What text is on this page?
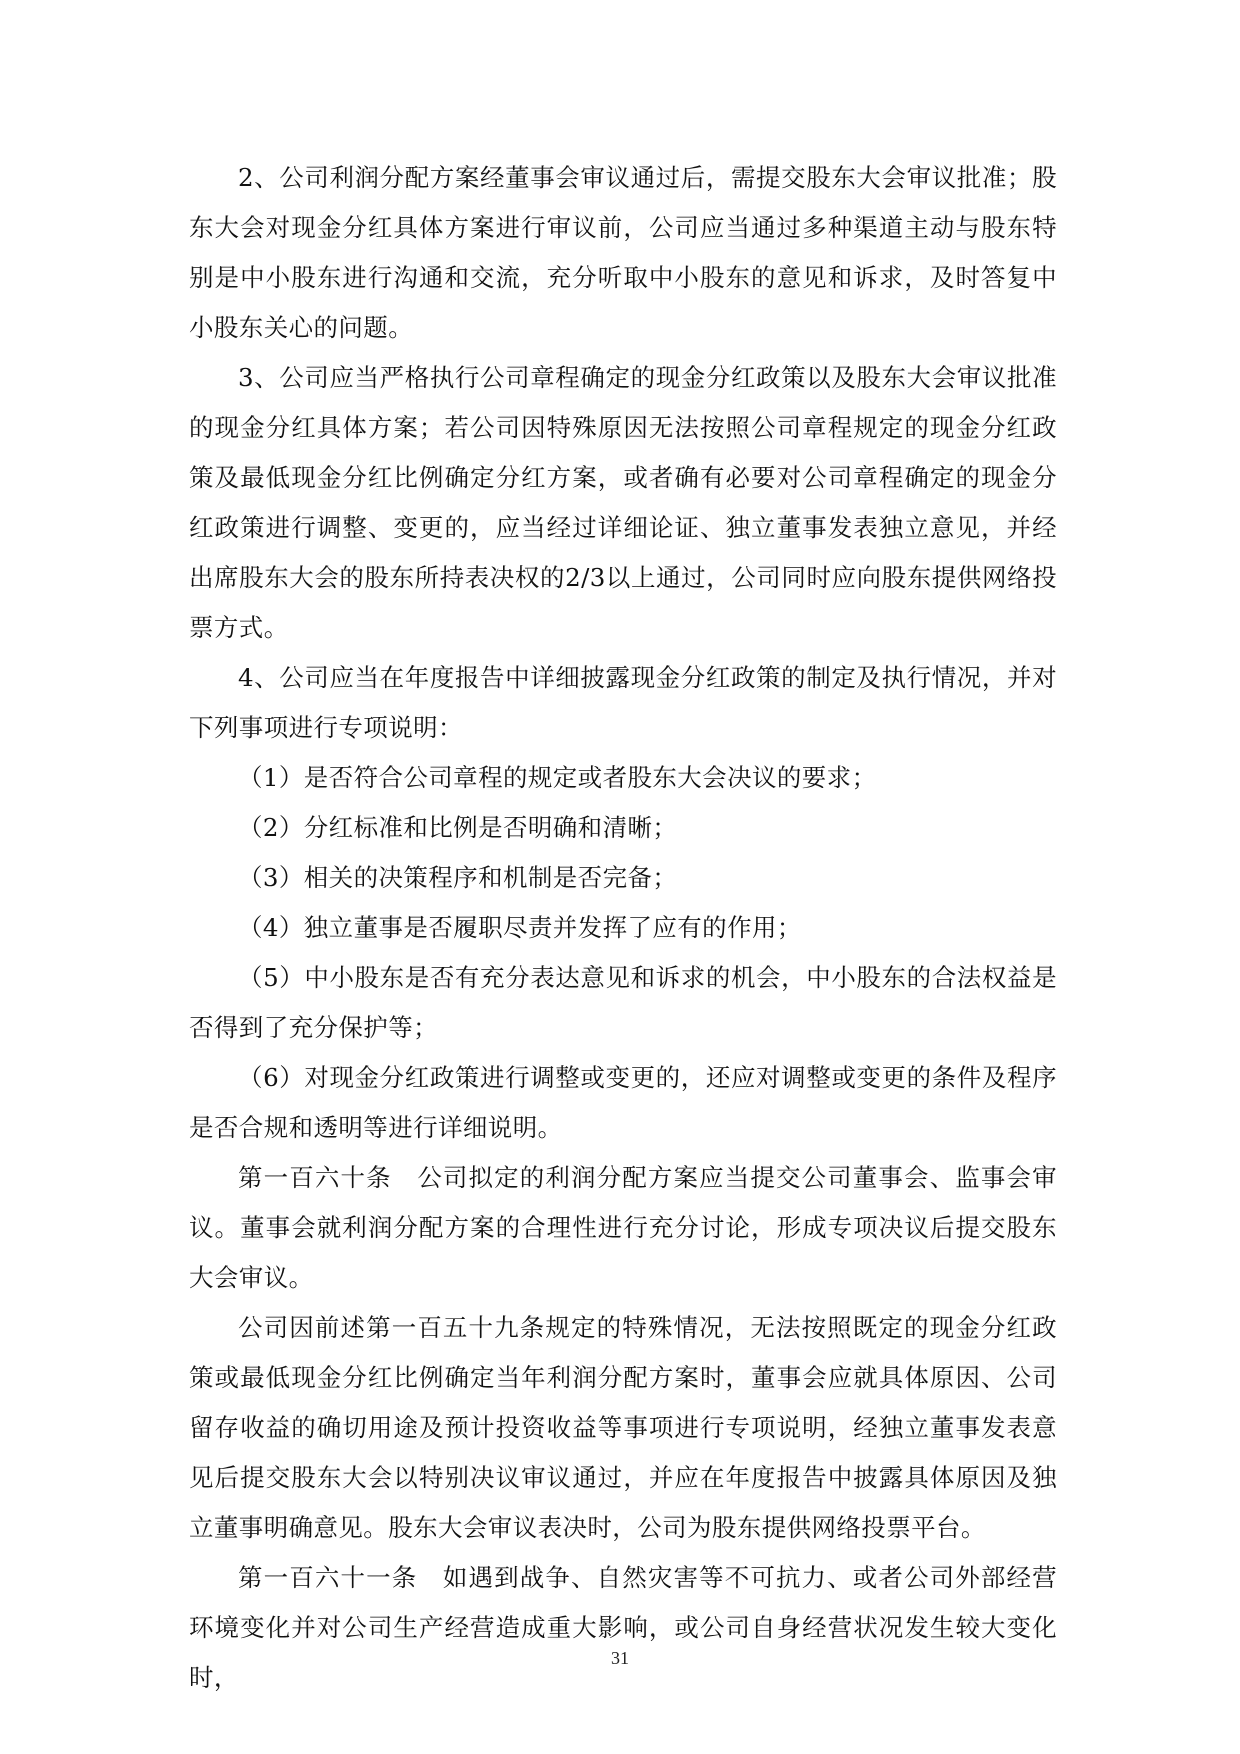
2、公司利润分配方案经董事会审议通过后，需提交股东大会审议批准；股东大会对现金分红具体方案进行审议前，公司应当通过多种渠道主动与股东特别是中小股东进行沟通和交流，充分听取中小股东的意见和诉求，及时答复中小股东关心的问题。

3、公司应当严格执行公司章程确定的现金分红政策以及股东大会审议批准的现金分红具体方案；若公司因特殊原因无法按照公司章程规定的现金分红政策及最低现金分红比例确定分红方案，或者确有必要对公司章程确定的现金分红政策进行调整、变更的，应当经过详细论证、独立董事发表独立意见，并经出席股东大会的股东所持表决权的2/3以上通过，公司同时应向股东提供网络投票方式。

4、公司应当在年度报告中详细披露现金分红政策的制定及执行情况，并对下列事项进行专项说明：

（1）是否符合公司章程的规定或者股东大会决议的要求；

（2）分红标准和比例是否明确和清晰；

（3）相关的决策程序和机制是否完备；

（4）独立董事是否履职尽责并发挥了应有的作用；

（5）中小股东是否有充分表达意见和诉求的机会，中小股东的合法权益是否得到了充分保护等；

（6）对现金分红政策进行调整或变更的，还应对调整或变更的条件及程序是否合规和透明等进行详细说明。

第一百六十条　公司拟定的利润分配方案应当提交公司董事会、监事会审议。董事会就利润分配方案的合理性进行充分讨论，形成专项决议后提交股东大会审议。

公司因前述第一百五十九条规定的特殊情况，无法按照既定的现金分红政策或最低现金分红比例确定当年利润分配方案时，董事会应就具体原因、公司留存收益的确切用途及预计投资收益等事项进行专项说明，经独立董事发表意见后提交股东大会以特别决议审议通过，并应在年度报告中披露具体原因及独立董事明确意见。股东大会审议表决时，公司为股东提供网络投票平台。

第一百六十一条　如遇到战争、自然灾害等不可抗力、或者公司外部经营环境变化并对公司生产经营造成重大影响，或公司自身经营状况发生较大变化时，

31
